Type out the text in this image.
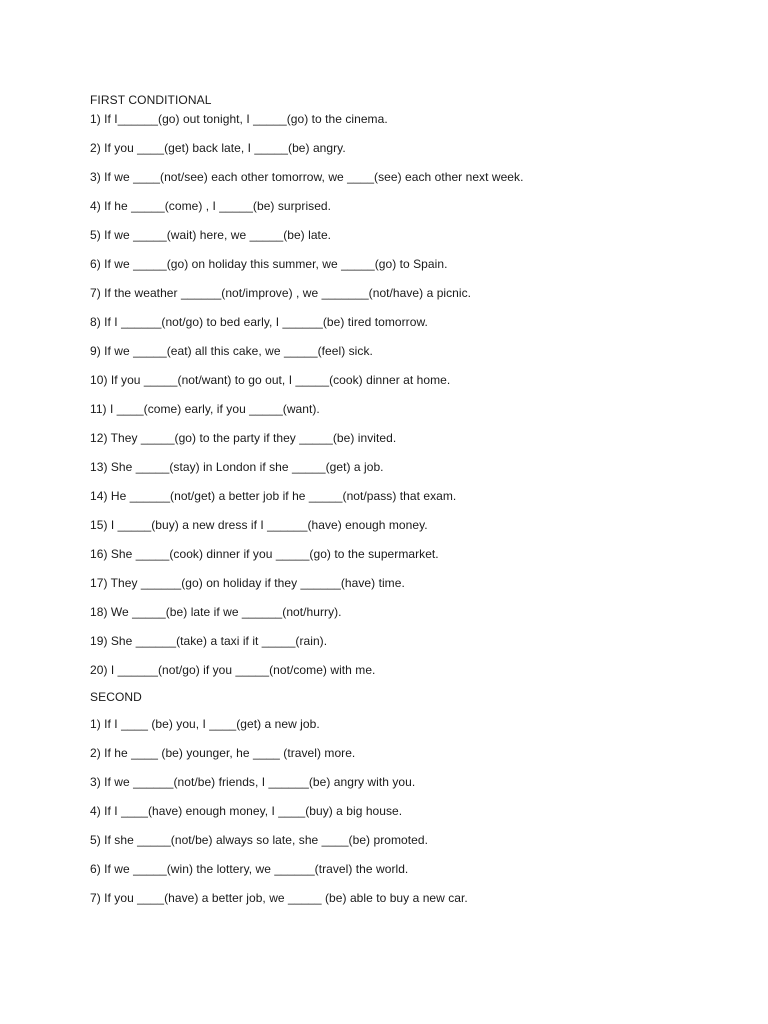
FIRST CONDITIONAL

1) If I______(go) out tonight, I _____(go) to the cinema.

2) If you ____(get) back late, I _____(be) angry.

3) If we ____(not/see) each other tomorrow, we ____(see) each other next week.

4) If he _____(come) , I _____(be) surprised.

5) If we _____(wait) here, we _____(be) late.

6) If we _____(go) on holiday this summer, we _____(go) to Spain.

7) If the weather ______(not/improve) , we _______(not/have) a picnic.

8) If I ______(not/go) to bed early, I ______(be) tired tomorrow.

9) If we _____(eat) all this cake, we _____(feel) sick.

10) If you _____(not/want) to go out, I _____(cook) dinner at home.

11) I ____(come) early, if you _____(want).

12) They _____(go) to the party if they _____(be) invited.

13) She _____(stay) in London if she _____(get) a job.

14) He ______(not/get) a better job if he _____(not/pass) that exam.

15) I _____(buy) a new dress if I ______(have) enough money.

16) She _____(cook) dinner if you _____(go) to the supermarket.

17) They ______(go) on holiday if they ______(have) time.

18) We _____(be) late if we ______(not/hurry).

19) She ______(take) a taxi if it _____(rain).

20) I ______(not/go) if you _____(not/come) with me.

SECOND

1) If I ____ (be) you, I ____(get) a new job.

2) If he ____ (be) younger, he ____ (travel) more.

3) If we ______(not/be) friends, I ______(be) angry with you.

4) If I ____(have) enough money, I ____(buy) a big house.

5) If she _____(not/be) always so late, she ____(be) promoted.

6) If we _____(win) the lottery, we ______(travel) the world.

7) If you ____(have) a better job, we _____ (be) able to buy a new car.
